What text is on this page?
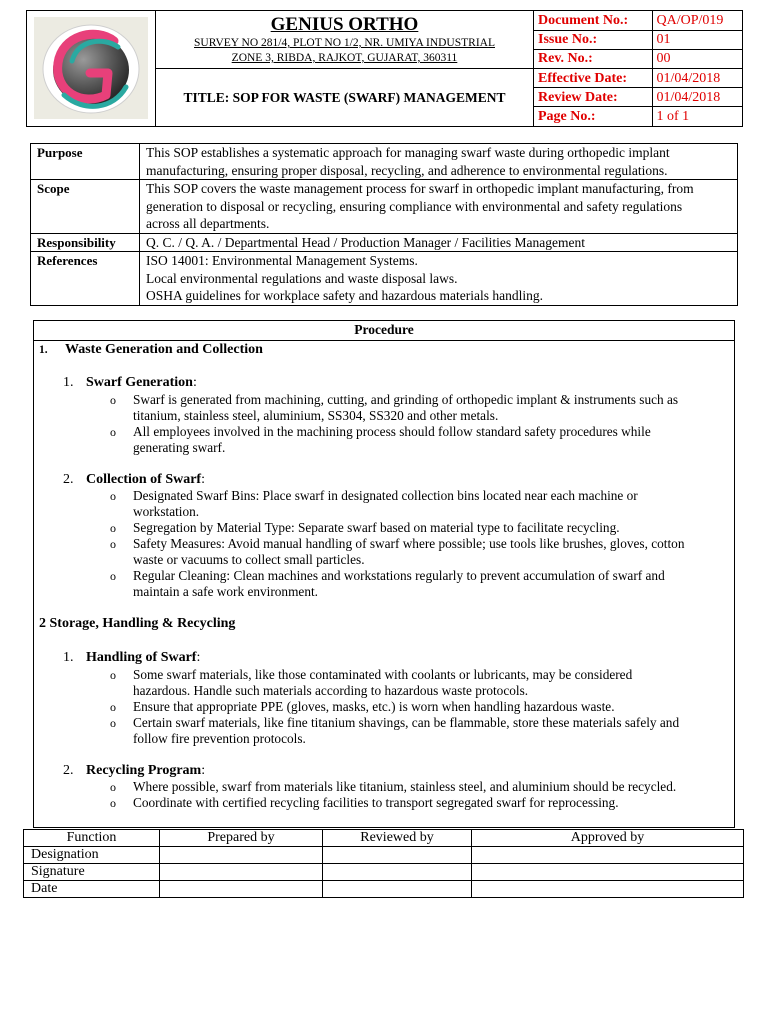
GENIUS ORTHO
SURVEY NO 281/4, PLOT NO 1/2, NR. UMIYA INDUSTRIAL
ZONE 3, RIBDA, RAJKOT, GUJARAT, 360311
TITLE: SOP FOR WASTE (SWARF) MANAGEMENT
Document No.:	QA/OP/019
Issue No.:	01
Rev. No.:	00
Effective Date:	01/04/2018
Review Date:	01/04/2018
Page No.:	1 of 1
Purpose	This SOP establishes a systematic approach for managing swarf waste during orthopedic implant
manufacturing, ensuring proper disposal, recycling, and adherence to environmental regulations.

Scope	This SOP covers the waste management process for swarf in orthopedic implant manufacturing, from
generation to disposal or recycling, ensuring compliance with environmental and safety regulations
across all departments.

Responsibility	Q. C. / Q. A. / Departmental Head / Production Manager / Facilities Management

References	ISO 14001: Environmental Management Systems.
Local environmental regulations and waste disposal laws.
OSHA guidelines for workplace safety and hazardous materials handling.
Procedure
1. Waste Generation and Collection
1. Swarf Generation:
o Swarf is generated from machining, cutting, and grinding of orthopedic implant & instruments such as
titanium, stainless steel, aluminium, SS304, SS320 and other metals.
o All employees involved in the machining process should follow standard safety procedures while
generating swarf.
2. Collection of Swarf:
o Designated Swarf Bins: Place swarf in designated collection bins located near each machine or
workstation.
o Segregation by Material Type: Separate swarf based on material type to facilitate recycling.
o Safety Measures: Avoid manual handling of swarf where possible; use tools like brushes, gloves, cotton
waste or vacuums to collect small particles.
o Regular Cleaning: Clean machines and workstations regularly to prevent accumulation of swarf and
maintain a safe work environment.
2 Storage, Handling & Recycling
1. Handling of Swarf:
o Some swarf materials, like those contaminated with coolants or lubricants, may be considered
hazardous. Handle such materials according to hazardous waste protocols.
o Ensure that appropriate PPE (gloves, masks, etc.) is worn when handling hazardous waste.
o Certain swarf materials, like fine titanium shavings, can be flammable, store these materials safely and
follow fire prevention protocols.
2. Recycling Program:
o Where possible, swarf from materials like titanium, stainless steel, and aluminium should be recycled.
o Coordinate with certified recycling facilities to transport segregated swarf for reprocessing.
Function	Prepared by	Reviewed by	Approved by
Designation			
Signature			
Date			
